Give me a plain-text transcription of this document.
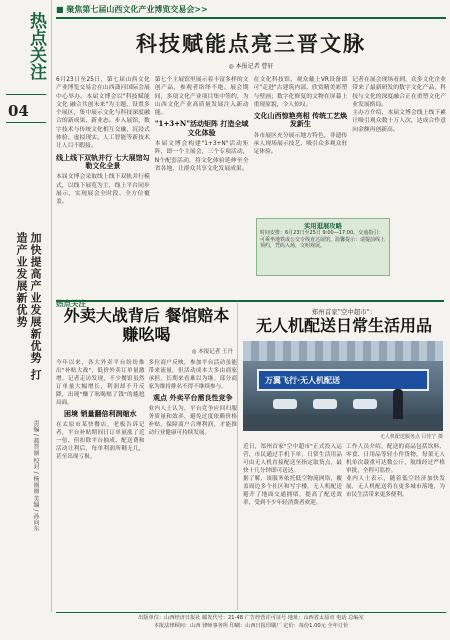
热点关注
04
加快提高产业发展新优势 打造产业发展新优势
责编 / 郝晋丽 校对 / 杨丽丽 美编 / 孙向东
■ 聚焦第七届山西文化产业博览交易会>>
科技赋能点亮三晋文脉
◎ 本报记者 曹轩

6月23日至25日，第七届山西文化产业博览交易会在山西潇河国际会展中心举办。本届文博会以"科技赋能文化 融合共创未来"为主题，设置多个展区，集中展示文化与科技深度融合的新成果、新业态。步入展馆，数字技术与传统文化相互交融，沉浸式体验、虚拟现实、人工智能等新技术让人目不暇接。

线上线下双轨并行 七大展馆勾勒文化全景

本届文博会采取线上线下双轨并行模式，以线下展览为主，线上平台同步展示，实现展会全时段、全方位覆盖。

第七个主展馆里展示着丰富多样的文创产品，参观者络绎不绝。展会期间，多项文化产业项目集中签约，为山西文化产业高质量发展注入新动能。

"1+3+N"活动矩阵 打造全域文化体验

本届文博会构建"1+3+N"活动矩阵，即一个主展会，三个专项活动，N个配套活动，将文化体验延伸至全省各地，让群众共享文化发展成果。

在文化科技馆，观众戴上VR设备即可"走进"古建筑内部，欣赏精美彩塑与壁画；数字化修复的文物在屏幕上重现原貌，令人惊叹。

文化山西惊艳亮相 传统工艺焕发新生

各市展区充分展示地方特色，非遗传承人现场展示技艺，吸引众多观众驻足体验。

记者在展会现场看到，众多文化企业带来了最新研发的数字文化产品，科技与文化的深度融合正在重塑文化产业发展格局。

主办方介绍，本届文博会线上线下累计吸引观众数十万人次，达成合作意向金额再创新高。

实用逛展攻略

时间安排：6月23日至25日 9:00—17:00。交通指引：可乘坐地铁或公交专线直达展馆。温馨提示：请提前线上预约，凭码入场，文明观展。

热点关注
外卖大战背后 餐馆赔本赚吆喝
◎ 本报记者 王丹

今年以来，各大外卖平台纷纷推出"补贴大战"，低价外卖订单量激增。记者走访发现，不少餐馆虽然订单量大幅增长，利润却不升反降，出现"赚了吆喝赔了钱"的尴尬局面。

困境 销量翻倍利润缩水

在太原市某快餐店，老板告诉记者，平台补贴期间日订单量涨了近一倍，但扣除平台抽成、配送费和活动让利后，每单利润所剩无几，甚至出现亏损。

多位商户反映，参加平台活动虽能带来流量，但活动成本大多由商家承担，长期来看难以为继。部分商家为维持排名不得不继续参与。

观点 外卖平台需良性竞争

业内人士认为，平台竞争应回归服务质量和效率，避免过度依赖价格补贴，保障商户合理利润，才能推动行业健康可持续发展。

郑州首家"空中超市"：
无人机配送日常生活用品
万翼飞行·无人机配送
无人机配送服务点 吕佳宁 摄

近日，郑州首家"空中超市"正式投入运营，市民通过手机下单，日常生活用品可由无人机直接配送至指定取货点，最快十几分钟即可送达。

据了解，该服务依托低空物流网络，覆盖周边多个社区和写字楼。无人机配送避开了地面交通拥堵，提高了配送效率，受到不少年轻消费者欢迎。

工作人员介绍，配送的商品包括饮料、零食、日用品等轻小件货物，每架无人机单次载重可达数公斤，航线经过严格审批，全程可监控。

业内人士表示，随着低空经济加快发展，无人机配送将在更多城市落地，为市民生活带来更多便利。

出版单位：山西经济日报社 邮发代号：21-48 广告经营许可证号 地址：山西省太原市 电话 总编室
本报法律顾问：山西 律师事务所 印刷：山西日报印刷厂 定价：每份1.00元 全年订价
